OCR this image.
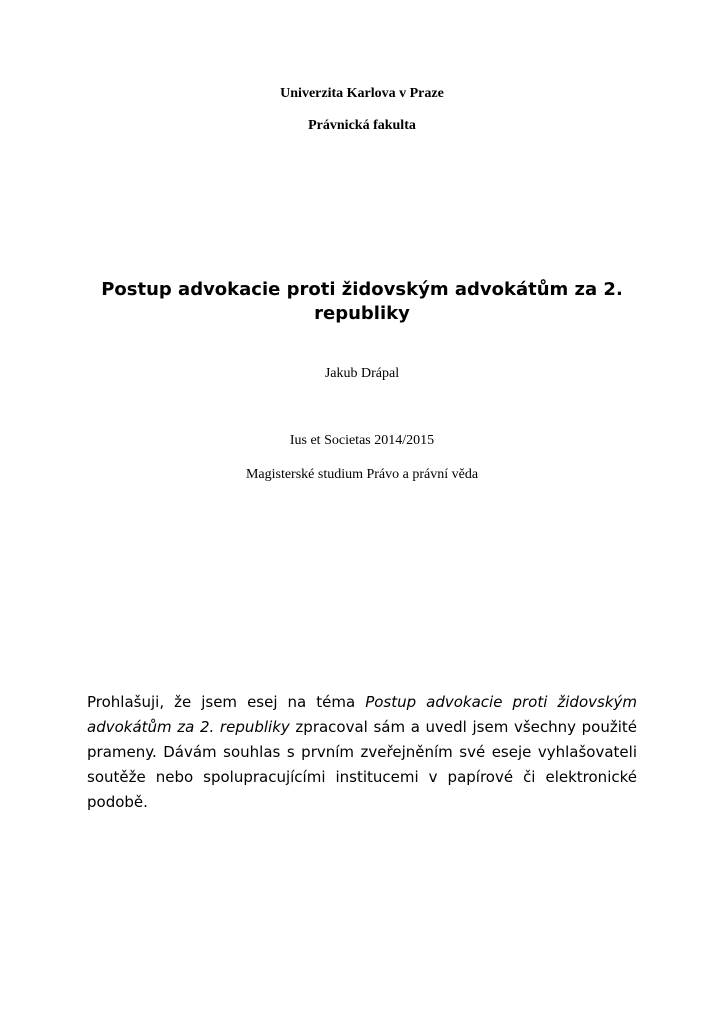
Univerzita Karlova v Praze
Právnická fakulta
Postup advokacie proti židovským advokátům za 2.
republiky
Jakub Drápal
Ius et Societas 2014/2015
Magisterské studium Právo a právní věda

Prohlašuji, že jsem esej na téma Postup advokacie proti židovským advokátům za 2. republiky zpracoval sám a uvedl jsem všechny použité prameny. Dávám souhlas s prvním zveřejněním své eseje vyhlašovateli soutěže nebo spolupracujícími institucemi v papírové či elektronické podobě.
